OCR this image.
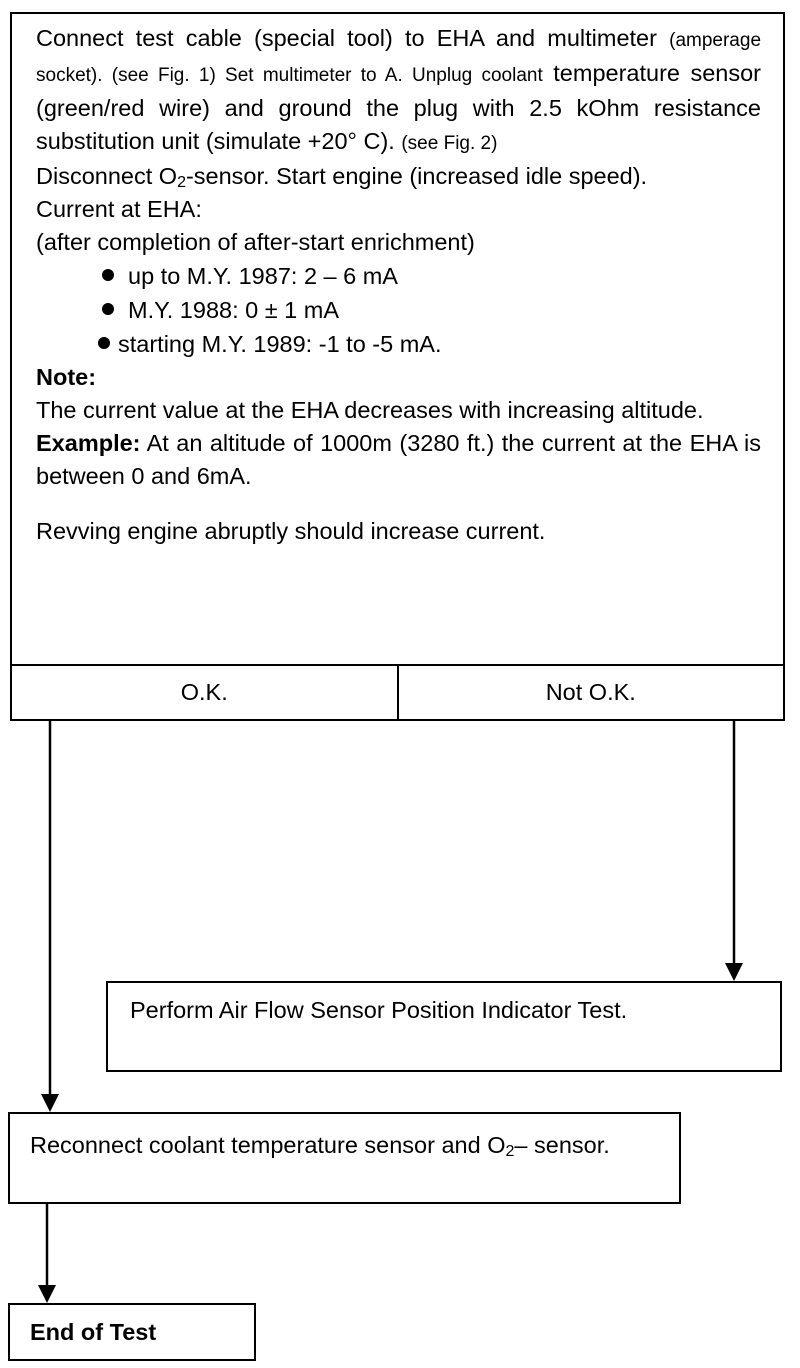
Connect test cable (special tool) to EHA and multimeter (amperage socket). (see Fig. 1) Set multimeter to A. Unplug coolant temperature sensor (green/red wire) and ground the plug with 2.5 kOhm resistance substitution unit (simulate +20° C). (see Fig. 2)

Disconnect $O_2$-sensor. Start engine (increased idle speed).

Current at EHA:

(after completion of after-start enrichment)

up to M.Y. 1987: 2 – 6 mA
M.Y. 1988: 0 ± 1 mA
starting M.Y. 1989: -1 to -5 mA.

Note:

The current value at the EHA decreases with increasing altitude.

Example: At an altitude of 1000m (3280 ft.) the current at the EHA is between 0 and 6mA.

Revving engine abruptly should increase current.

O.K.	Not O.K.

Perform Air Flow Sensor Position Indicator Test.

Reconnect coolant temperature sensor and $O_2-$ sensor.

End of Test
